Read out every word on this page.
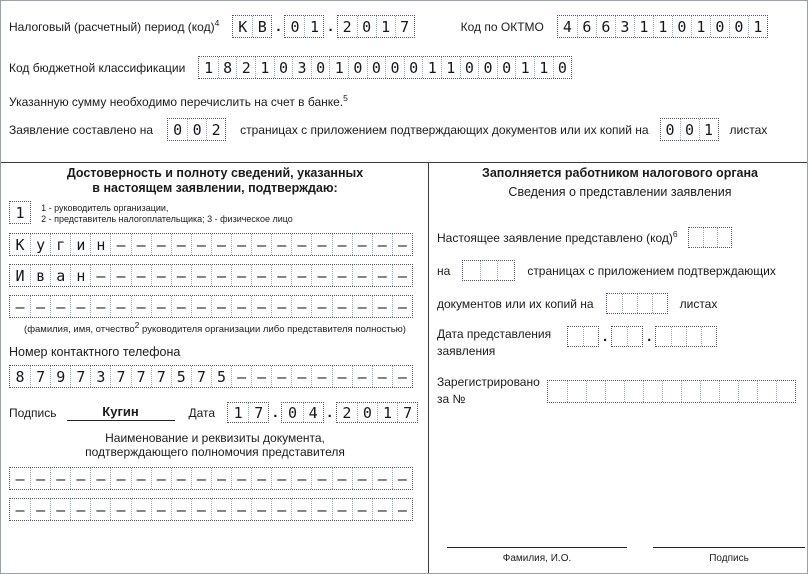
Налоговый (расчетный) период (код)$^4$	К В . 0 1 . 2 0 1 7	Код по ОКТМО	4 6 6 3 1 1 0 1 0 0 1
Код бюджетной классификации	1 8 2 1 0 3 0 1 0 0 0 0 1 1 0 0 0 1 1 0
Указанную сумму необходимо перечислить на счет в банке.$^5$
Заявление составлено на	0 0 2	страницах с приложением подтверждающих документов или их копий на	0 0 1	листах
Достоверность и полноту сведений, указанных
в настоящем заявлении, подтверждаю:
1	1 - руководитель организации,
2 - представитель налогоплательщика; 3 - физическое лицо
К у г и н – – – – – – – – – – – – – – –
И в а н – – – – – – – – – – – – – – – –
– – – – – – – – – – – – – – – – – – – –
(фамилия, имя, отчество$^2$ руководителя организации либо представителя полностью)
Номер контактного телефона
8 7 9 7 3 7 7 7 5 7 5 – – – – – – – – –
Подпись	Кугин	Дата	1 7 . 0 4 . 2 0 1 7
Наименование и реквизиты документа,
подтверждающего полномочия представителя
– – – – – – – – – – – – – – – – – – – –
– – – – – – – – – – – – – – – – – – – –
Заполняется работником налогового органа
Сведения о представлении заявления
Настоящее заявление представлено (код)$^6$
на	страницах с приложением подтверждающих
документов или их копий на	листах
Дата представления
заявления
.	.
Зарегистрировано
за №
Фамилия, И.О.	Подпись
